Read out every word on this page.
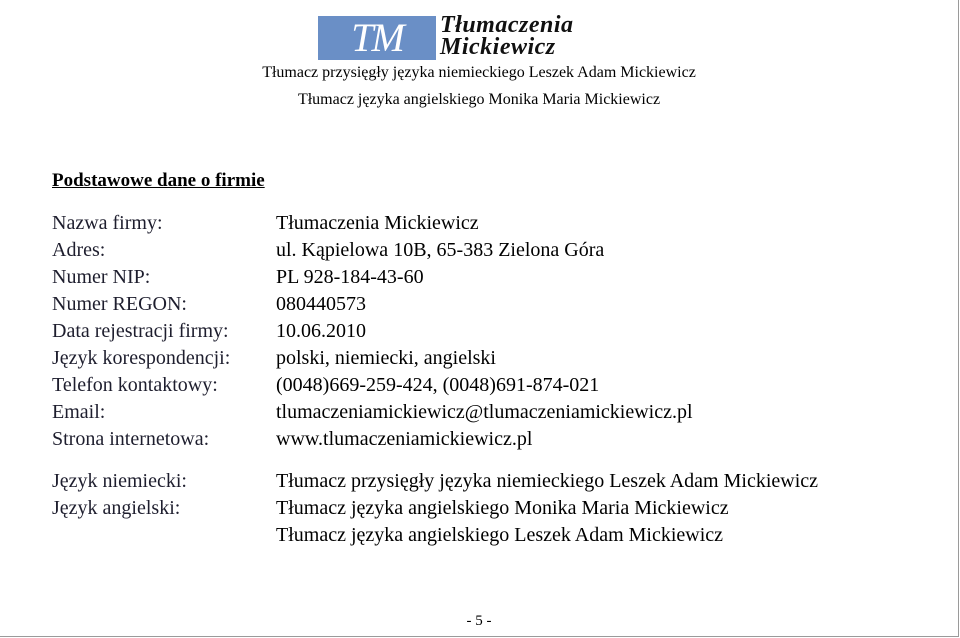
TM	Tłumaczenia
Mickiewicz
Tłumacz przysięgły języka niemieckiego Leszek Adam Mickiewicz
Tłumacz języka angielskiego Monika Maria Mickiewicz
Podstawowe dane o firmie
Nazwa firmy:	Tłumaczenia Mickiewicz
Adres:	ul. Kąpielowa 10B, 65-383 Zielona Góra
Numer NIP:	PL 928-184-43-60
Numer REGON:	080440573
Data rejestracji firmy: 10.06.2010
Język korespondencji: polski, niemiecki, angielski
Telefon kontaktowy:	(0048)669-259-424, (0048)691-874-021
Email:	tlumaczeniamickiewicz@tlumaczeniamickiewicz.pl
Strona internetowa:	www.tlumaczeniamickiewicz.pl
Język niemiecki:	Tłumacz przysięgły języka niemieckiego Leszek Adam Mickiewicz
Język angielski:	Tłumacz języka angielskiego Monika Maria Mickiewicz
Tłumacz języka angielskiego Leszek Adam Mickiewicz
- 5 -
